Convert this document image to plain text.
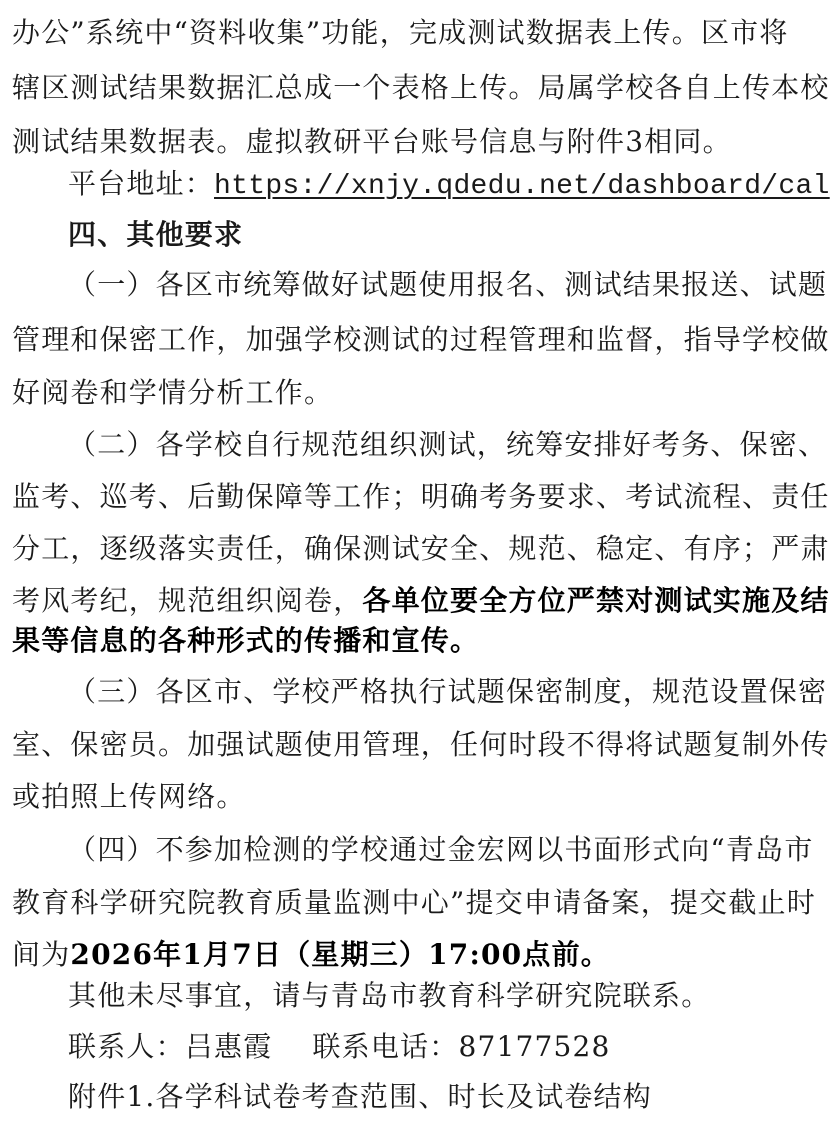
办公”系统中“资料收集”功能，完成测试数据表上传。区市将
辖区测试结果数据汇总成一个表格上传。局属学校各自上传本校
测试结果数据表。虚拟教研平台账号信息与附件3相同。
平台地址：https://xnjy.qdedu.net/dashboard/cal
四、其他要求
（一）各区市统筹做好试题使用报名、测试结果报送、试题
管理和保密工作，加强学校测试的过程管理和监督，指导学校做
好阅卷和学情分析工作。
（二）各学校自行规范组织测试，统筹安排好考务、保密、
监考、巡考、后勤保障等工作；明确考务要求、考试流程、责任
分工，逐级落实责任，确保测试安全、规范、稳定、有序；严肃
考风考纪，规范组织阅卷，各单位要全方位严禁对测试实施及结
果等信息的各种形式的传播和宣传。
（三）各区市、学校严格执行试题保密制度，规范设置保密
室、保密员。加强试题使用管理，任何时段不得将试题复制外传
或拍照上传网络。
（四）不参加检测的学校通过金宏网以书面形式向“青岛市
教育科学研究院教育质量监测中心”提交申请备案，提交截止时
间为2026年1月7日（星期三）17:00点前。
其他未尽事宜，请与青岛市教育科学研究院联系。
联系人：吕惠霞 联系电话：87177528
附件1.各学科试卷考查范围、时长及试卷结构
